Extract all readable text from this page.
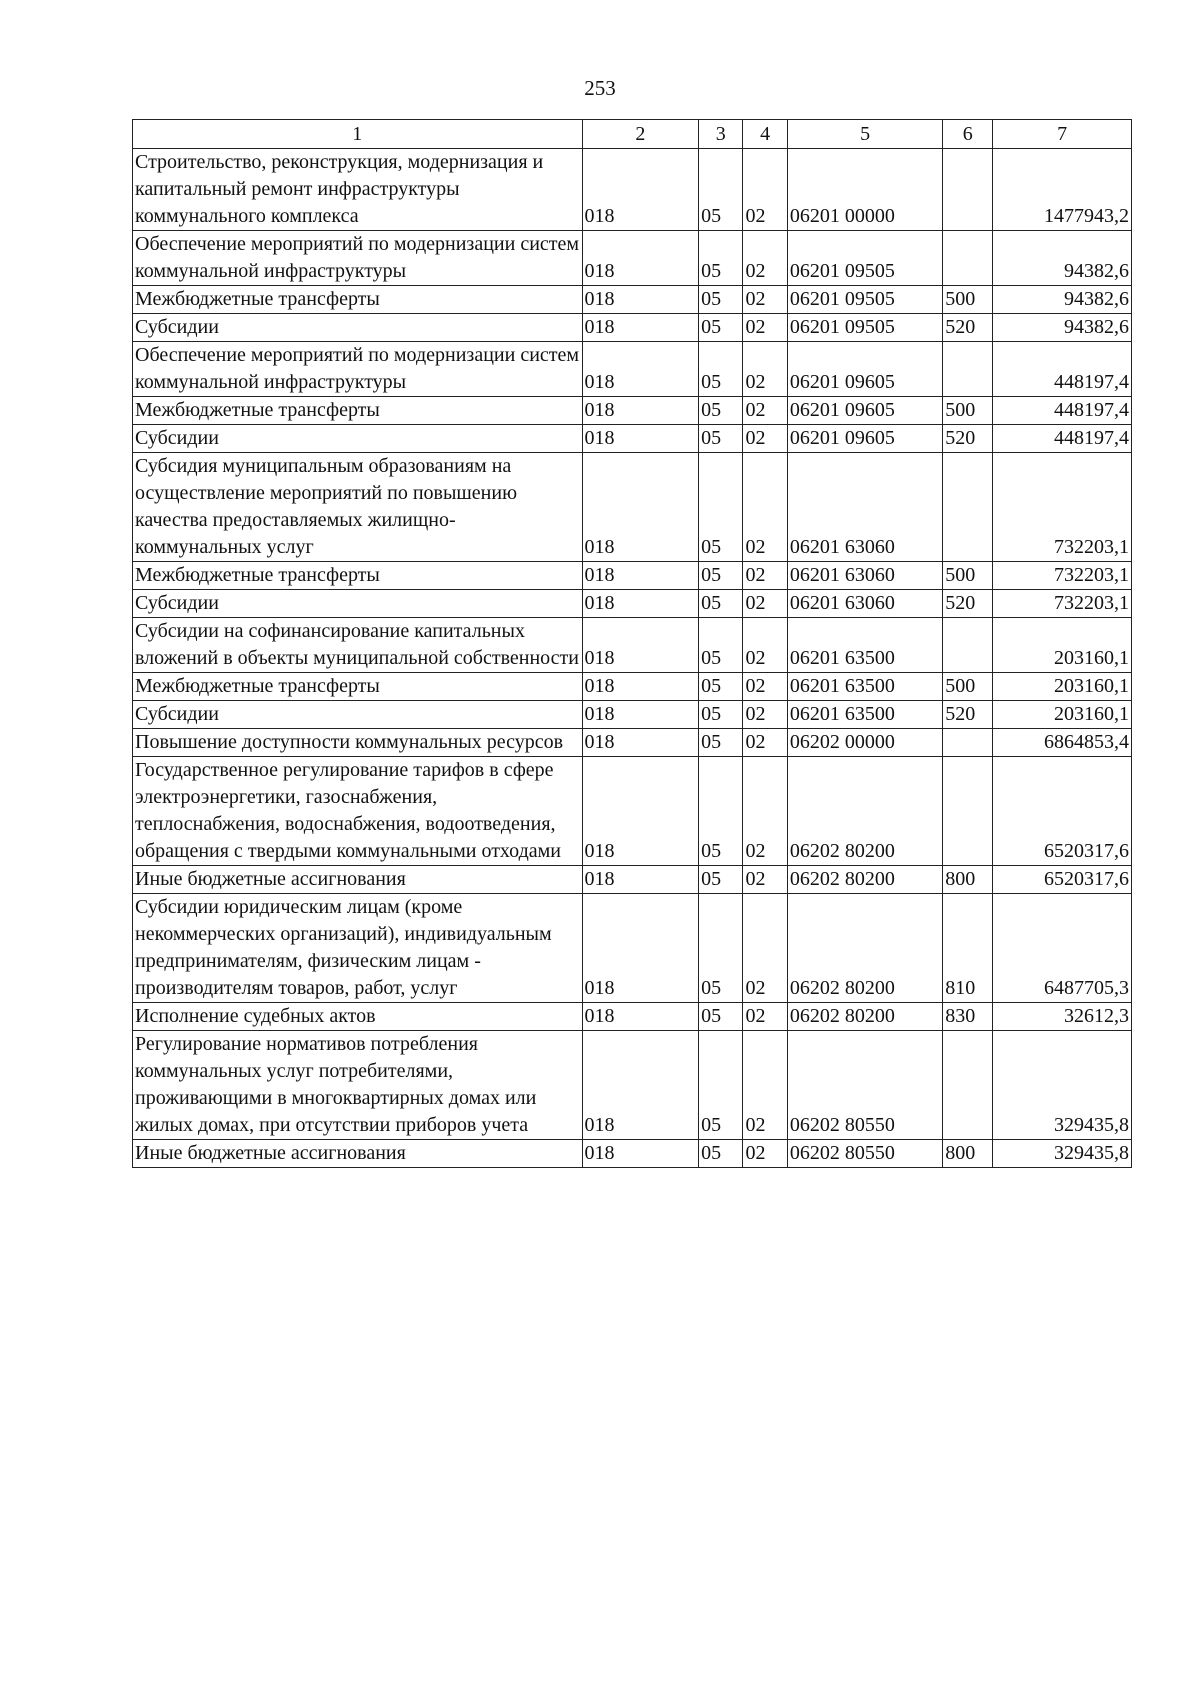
253
1	2	3	4	5	6	7
Строительство, реконструкция, модернизация и капитальный ремонт инфраструктуры коммунального комплекса	018	05	02	06201 00000		1477943,2
Обеспечение мероприятий по модернизации систем коммунальной инфраструктуры	018	05	02	06201 09505		94382,6
Межбюджетные трансферты	018	05	02	06201 09505	500	94382,6
Субсидии	018	05	02	06201 09505	520	94382,6
Обеспечение мероприятий по модернизации систем коммунальной инфраструктуры	018	05	02	06201 09605		448197,4
Межбюджетные трансферты	018	05	02	06201 09605	500	448197,4
Субсидии	018	05	02	06201 09605	520	448197,4
Субсидия муниципальным образованиям на осуществление мероприятий по повышению качества предоставляемых жилищно-коммунальных услуг	018	05	02	06201 63060		732203,1
Межбюджетные трансферты	018	05	02	06201 63060	500	732203,1
Субсидии	018	05	02	06201 63060	520	732203,1
Субсидии на софинансирование капитальных вложений в объекты муниципальной собственности	018	05	02	06201 63500		203160,1
Межбюджетные трансферты	018	05	02	06201 63500	500	203160,1
Субсидии	018	05	02	06201 63500	520	203160,1
Повышение доступности коммунальных ресурсов	018	05	02	06202 00000		6864853,4
Государственное регулирование тарифов в сфере электроэнергетики, газоснабжения, теплоснабжения, водоснабжения, водоотведения, обращения с твердыми коммунальными отходами	018	05	02	06202 80200		6520317,6
Иные бюджетные ассигнования	018	05	02	06202 80200	800	6520317,6
Субсидии юридическим лицам (кроме некоммерческих организаций), индивидуальным предпринимателям, физическим лицам - производителям товаров, работ, услуг	018	05	02	06202 80200	810	6487705,3
Исполнение судебных актов	018	05	02	06202 80200	830	32612,3
Регулирование нормативов потребления коммунальных услуг потребителями, проживающими в многоквартирных домах или жилых домах, при отсутствии приборов учета	018	05	02	06202 80550		329435,8
Иные бюджетные ассигнования	018	05	02	06202 80550	800	329435,8
